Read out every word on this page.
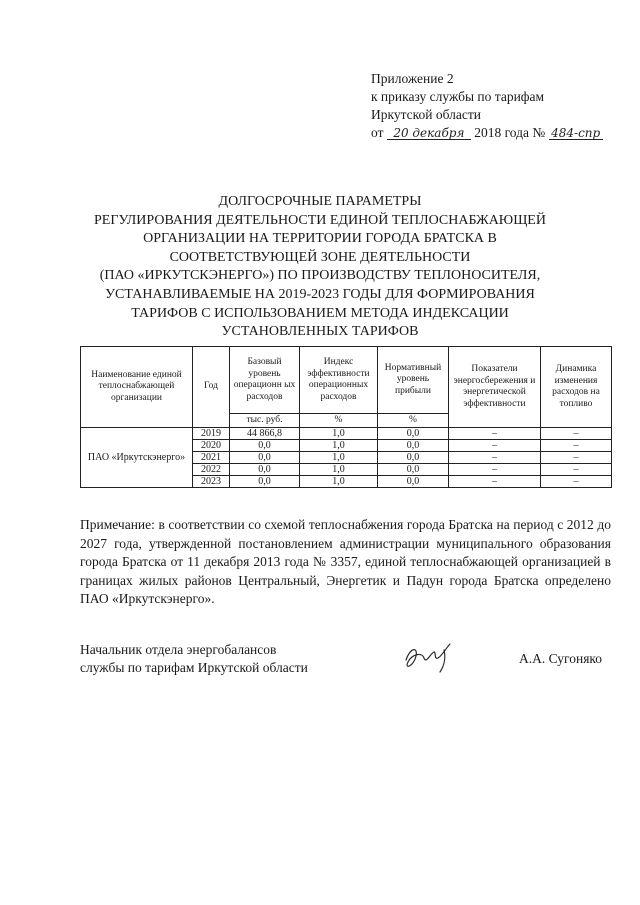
Приложение 2
к приказу службы по тарифам
Иркутской области
от 20 декабря 2018 года № 484-спр
ДОЛГОСРОЧНЫЕ ПАРАМЕТРЫ
РЕГУЛИРОВАНИЯ ДЕЯТЕЛЬНОСТИ ЕДИНОЙ ТЕПЛОСНАБЖАЮЩЕЙ
ОРГАНИЗАЦИИ НА ТЕРРИТОРИИ ГОРОДА БРАТСКА В
СООТВЕТСТВУЮЩЕЙ ЗОНЕ ДЕЯТЕЛЬНОСТИ
(ПАО «ИРКУТСКЭНЕРГО») ПО ПРОИЗВОДСТВУ ТЕПЛОНОСИТЕЛЯ,
УСТАНАВЛИВАЕМЫЕ НА 2019-2023 ГОДЫ ДЛЯ ФОРМИРОВАНИЯ
ТАРИФОВ С ИСПОЛЬЗОВАНИЕМ МЕТОДА ИНДЕКСАЦИИ
УСТАНОВЛЕННЫХ ТАРИФОВ
Наименование единой теплоснабжающей организации	Год	Базовый уровень операционн ых расходов	Индекс эффективности операционных расходов	Нормативный уровень прибыли	Показатели энергосбережения и энергетической эффективности	Динамика изменения расходов на топливо
		тыс. руб.	%	%		
ПАО «Иркутскэнерго»	2019	44 866,8	1,0	0,0	–	–
	2020	0,0	1,0	0,0	–	–
	2021	0,0	1,0	0,0	–	–
	2022	0,0	1,0	0,0	–	–
	2023	0,0	1,0	0,0	–	–
Примечание: в соответствии со схемой теплоснабжения города Братска на период с 2012 до 2027 года, утвержденной постановлением администрации муниципального образования города Братска от 11 декабря 2013 года № 3357, единой теплоснабжающей организацией в границах жилых районов Центральный, Энергетик и Падун города Братска определено ПАО «Иркутскэнерго».
Начальник отдела энергобалансов
службы по тарифам Иркутской области
А.А. Сугоняко
